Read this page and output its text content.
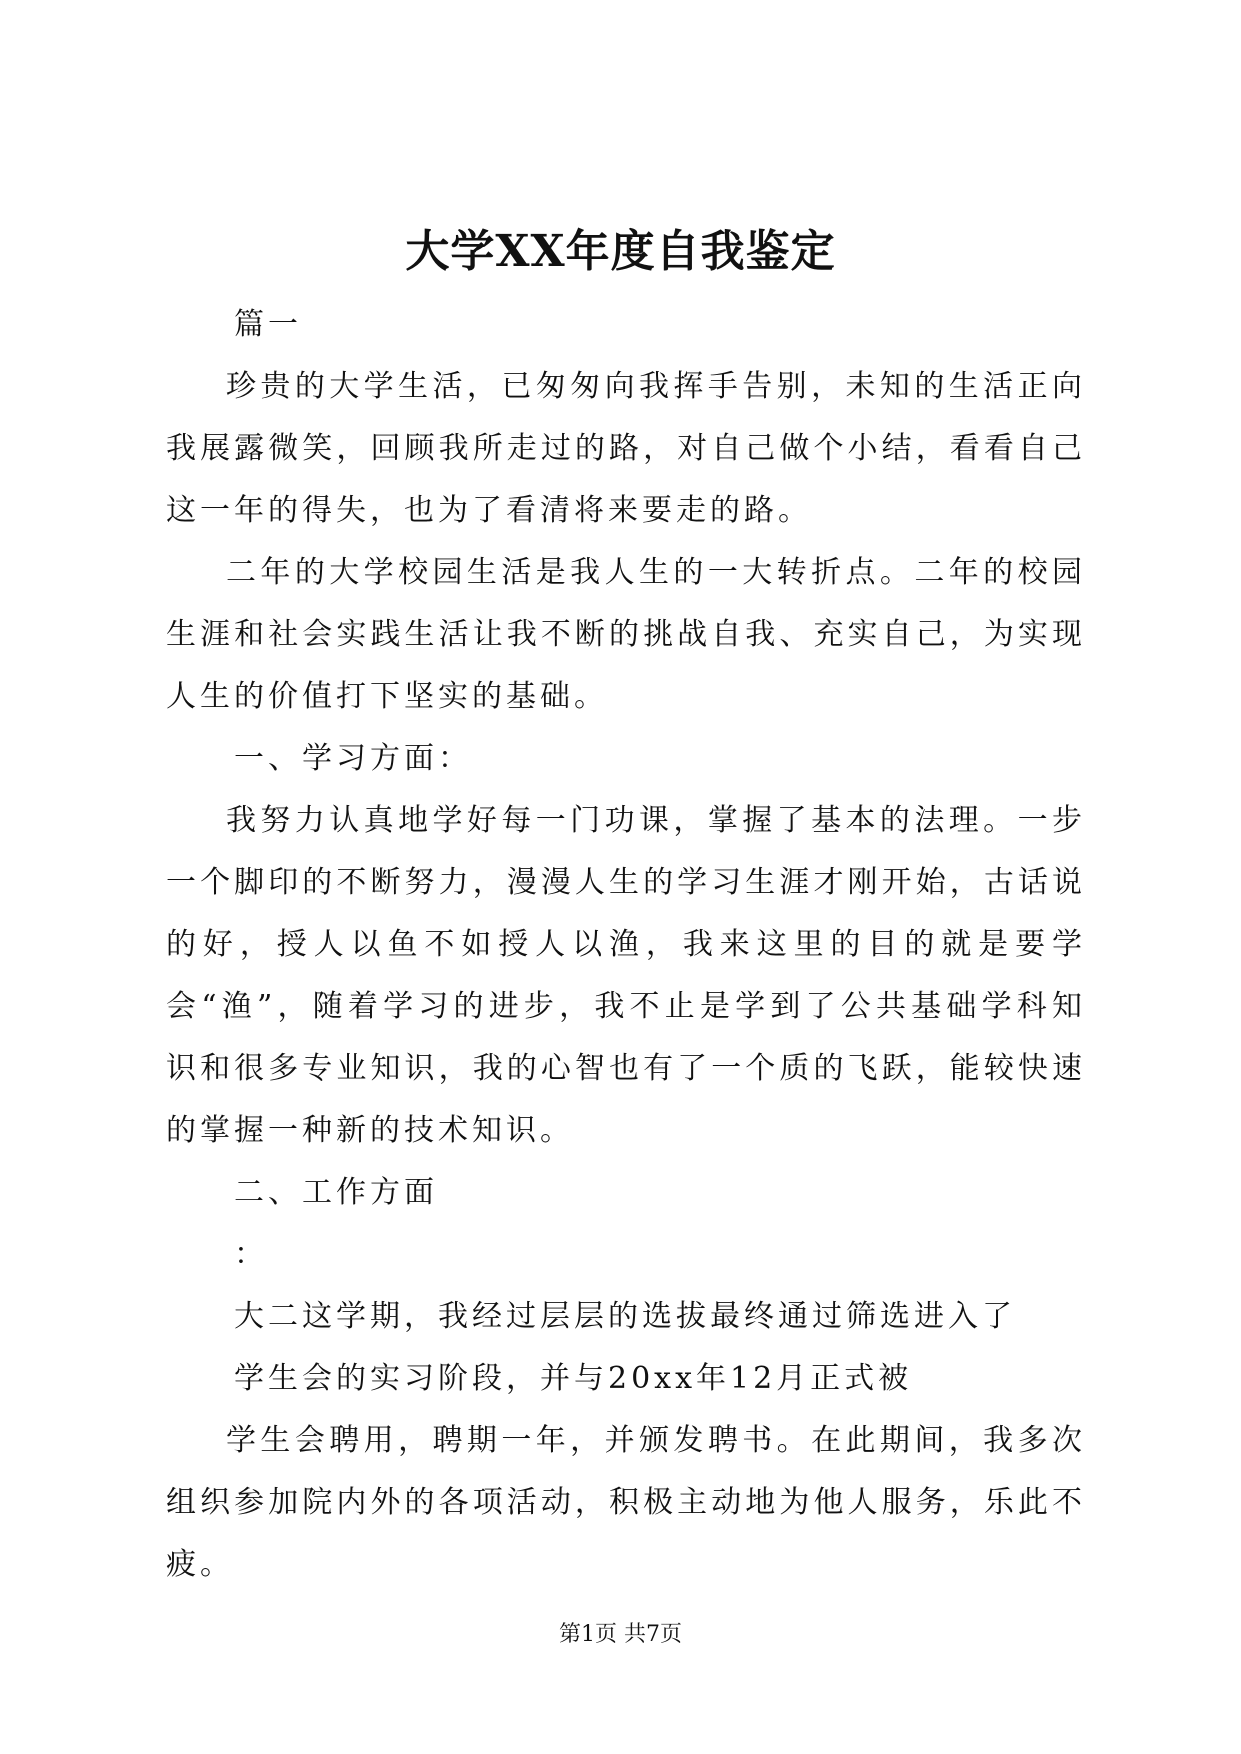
大学XX年度自我鉴定

篇一

珍贵的大学生活，已匆匆向我挥手告别，未知的生活正向我展露微笑，回顾我所走过的路，对自己做个小结，看看自己这一年的得失，也为了看清将来要走的路。

二年的大学校园生活是我人生的一大转折点。二年的校园生涯和社会实践生活让我不断的挑战自我、充实自己，为实现人生的价值打下坚实的基础。

一、学习方面：

我努力认真地学好每一门功课，掌握了基本的法理。一步一个脚印的不断努力，漫漫人生的学习生涯才刚开始，古话说的好，授人以鱼不如授人以渔，我来这里的目的就是要学会“渔”，随着学习的进步，我不止是学到了公共基础学科知识和很多专业知识，我的心智也有了一个质的飞跃，能较快速的掌握一种新的技术知识。

二、工作方面

：

大二这学期，我经过层层的选拔最终通过筛选进入了

学生会的实习阶段，并与20xx年12月正式被

学生会聘用，聘期一年，并颁发聘书。在此期间，我多次组织参加院内外的各项活动，积极主动地为他人服务，乐此不疲。

第1页 共7页
